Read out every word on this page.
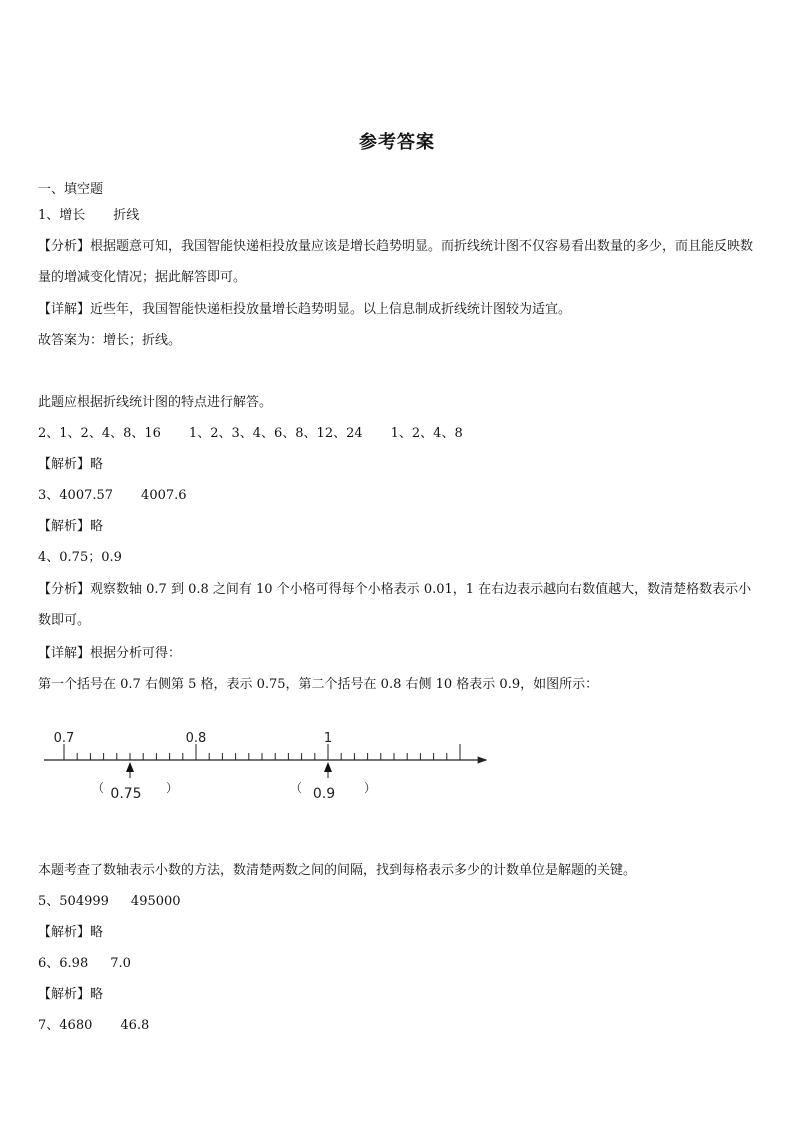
参考答案
一、填空题
1、增长 折线
【分析】根据题意可知，我国智能快递柜投放量应该是增长趋势明显。而折线统计图不仅容易看出数量的多少，而且能反映数量的增减变化情况；据此解答即可。
【详解】近些年，我国智能快递柜投放量增长趋势明显。以上信息制成折线统计图较为适宜。
故答案为：增长；折线。
此题应根据折线统计图的特点进行解答。
2、1、2、4、8、16 1、2、3、4、6、8、12、24 1、2、4、8
【解析】略
3、4007.57 4007.6
【解析】略
4、0.75；0.9
【分析】观察数轴 0.7 到 0.8 之间有 10 个小格可得每个小格表示 0.01，1 在右边表示越向右数值越大，数清楚格数表示小数即可。
【详解】根据分析可得：
第一个括号在 0.7 右侧第 5 格，表示 0.75，第二个括号在 0.8 右侧 10 格表示 0.9，如图所示：
0.7	0.8	1
（ 0.75 ）	（ 0.9 ）
本题考查了数轴表示小数的方法，数清楚两数之间的间隔，找到每格表示多少的计数单位是解题的关键。
5、504999 495000
【解析】略
6、6.98 7.0
【解析】略
7、4680 46.8
